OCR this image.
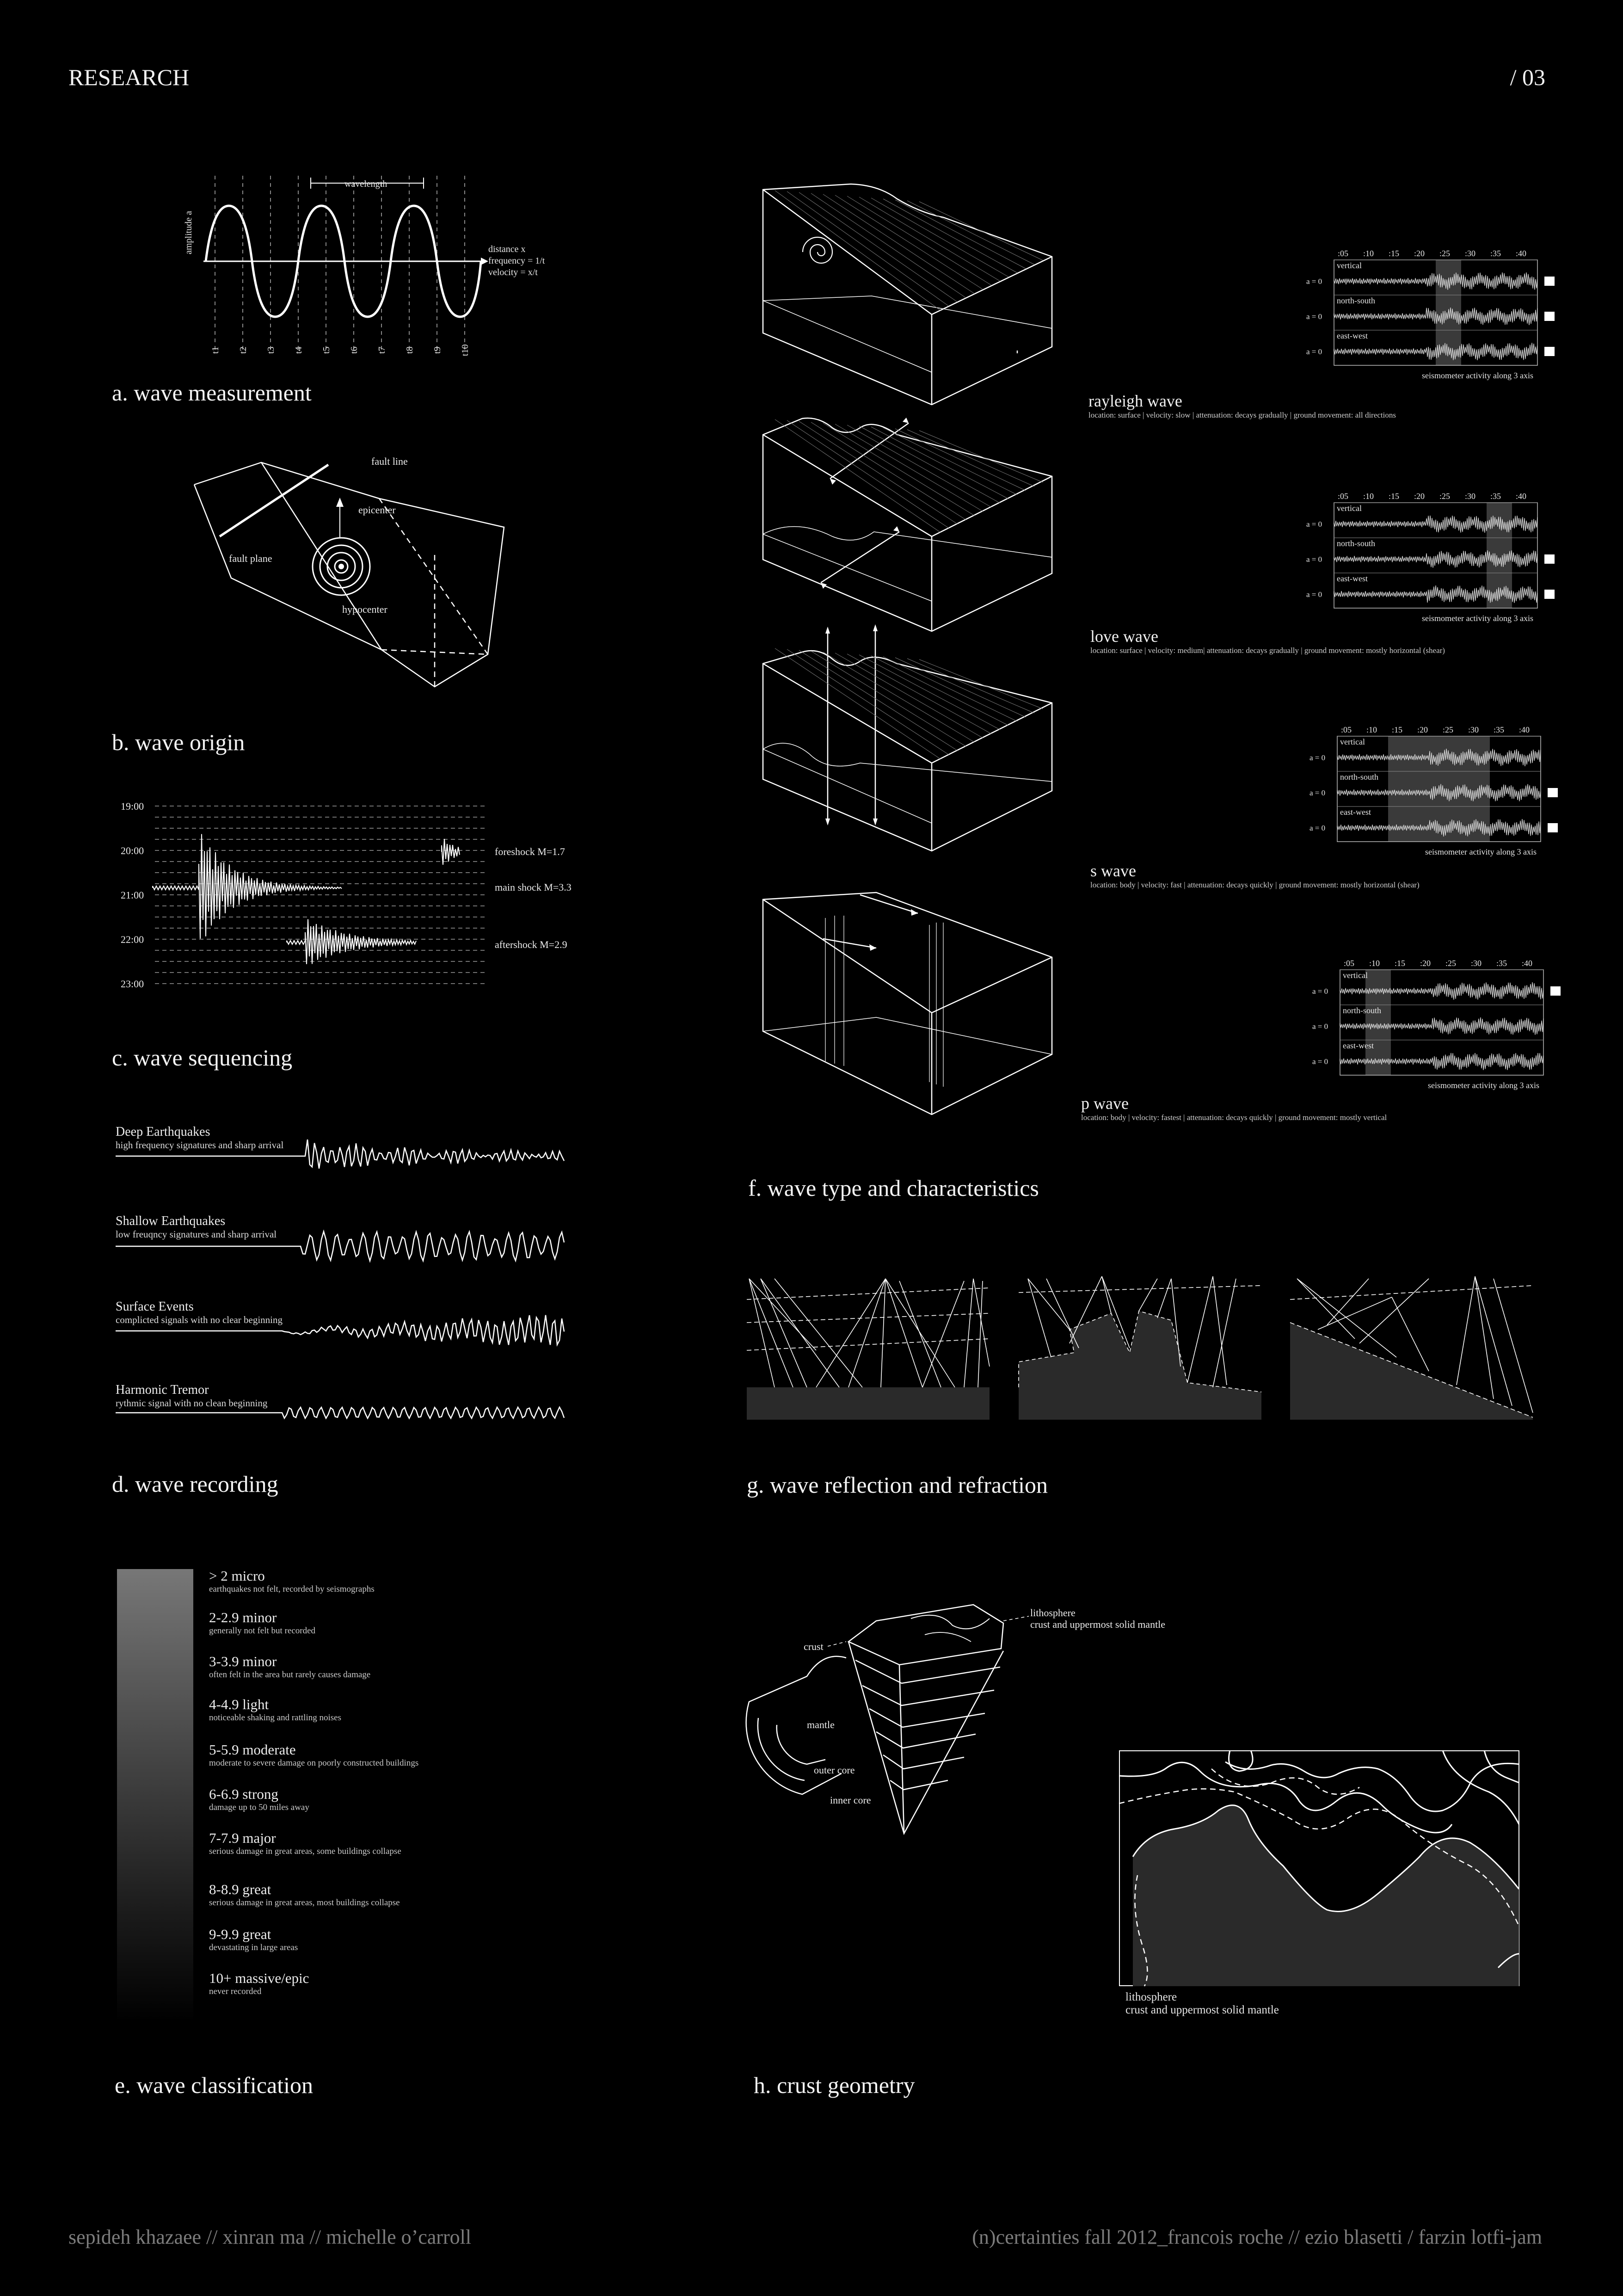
RESEARCH	/ 03
wavelength
amplitude a	distance x
frequency = 1/t
velocity = x/t
t1 t2 t3 t4 t5 t6 t7 t8 t9 t10
a. wave measurement
fault line
epicenter
fault plane
hypocenter
b. wave origin
19:00
20:00
21:00
22:00
23:00
foreshock M=1.7
main shock M=3.3
aftershock M=2.9
c. wave sequencing
Deep Earthquakes
high frequency signatures and sharp arrival
Shallow Earthquakes
low freuqncy signatures and sharp arrival
Surface Events
complicted signals with no clear beginning
Harmonic Tremor
rythmic signal with no clean beginning
d. wave recording
> 2 micro
earthquakes not felt, recorded by seismographs
2-2.9 minor
generally not felt but recorded
3-3.9 minor
often felt in the area but rarely causes damage
4-4.9 light
noticeable shaking and rattling noises
5-5.9 moderate
moderate to severe damage on poorly constructed buildings
6-6.9 strong
damage up to 50 miles away
7-7.9 major
serious damage in great areas, some buildings collapse
8-8.9 great
serious damage in great areas, most buildings collapse
9-9.9 great
devastating in large areas
10+ massive/epic
never recorded
e. wave classification
rayleigh wave
location: surface | velocity: slow | attenuation: decays gradually | ground movement: all directions
love wave
location: surface | velocity: medium| attenuation: decays gradually | ground movement: mostly horizontal (shear)
s wave
location: body | velocity: fast | attenuation: decays quickly | ground movement: mostly horizontal (shear)
p wave
location: body | velocity: fastest | attenuation: decays quickly | ground movement: mostly vertical
:05 :10 :15 :20 :25 :30 :35 :40
a = 0
vertical
a = 0
north-south
a = 0
east-west
seismometer activity along 3 axis
:05 :10 :15 :20 :25 :30 :35 :40
a = 0
vertical
a = 0
north-south
a = 0
east-west
seismometer activity along 3 axis
:05 :10 :15 :20 :25 :30 :35 :40
a = 0
vertical
a = 0
north-south
a = 0
east-west
seismometer activity along 3 axis
:05 :10 :15 :20 :25 :30 :35 :40
a = 0
vertical
a = 0
north-south
a = 0
east-west
seismometer activity along 3 axis
f. wave type and characteristics
g. wave reflection and refraction
crust
lithosphere
crust and uppermost solid mantle
mantle
outer core
inner core
lithosphere
crust and uppermost solid mantle
h. crust geometry
sepideh khazaee // xinran ma // michelle o’carroll	(n)certainties fall 2012_francois roche // ezio blasetti / farzin lotfi-jam
